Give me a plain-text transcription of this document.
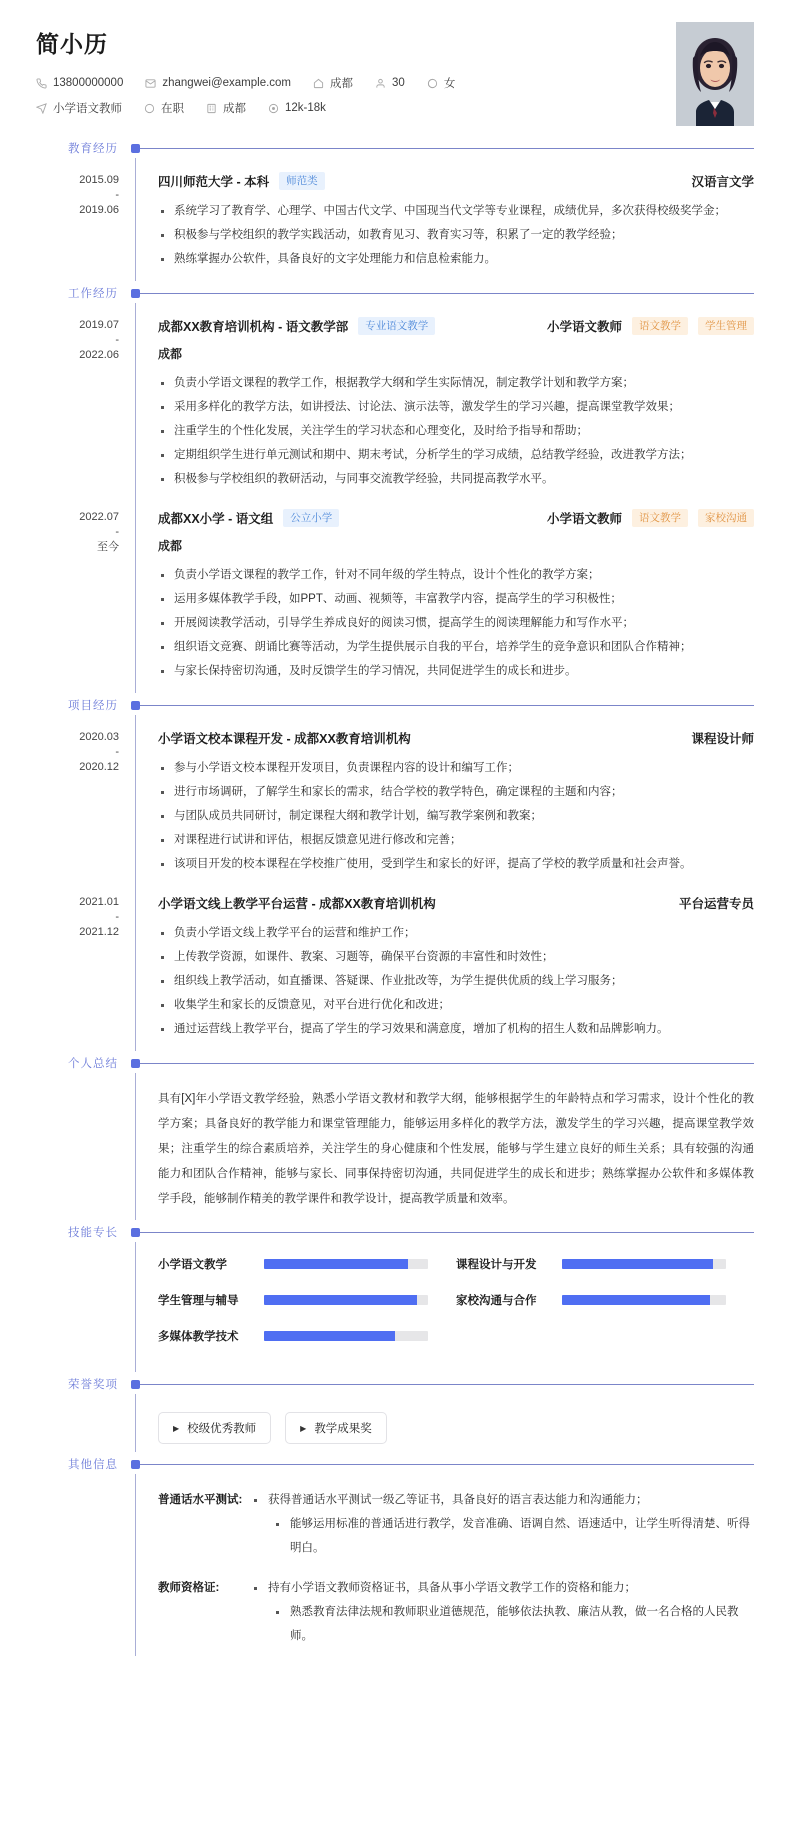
简小历
13800000000	zhangwei@example.com	成都	30	女
小学语文教师	在职	成都	12k-18k
教育经历
2015.09
-
2019.06
四川师范大学 - 本科	师范类	汉语言文学
系统学习了教育学、心理学、中国古代文学、中国现当代文学等专业课程，成绩优异，多次获得校级奖学金；
积极参与学校组织的教学实践活动，如教育见习、教育实习等，积累了一定的教学经验；
熟练掌握办公软件，具备良好的文字处理能力和信息检索能力。
工作经历
2019.07
-
2022.06
成都XX教育培训机构 - 语文教学部	专业语文教学	小学语文教师	语文教学	学生管理
成都
负责小学语文课程的教学工作，根据教学大纲和学生实际情况，制定教学计划和教学方案；
采用多样化的教学方法，如讲授法、讨论法、演示法等，激发学生的学习兴趣，提高课堂教学效果；
注重学生的个性化发展，关注学生的学习状态和心理变化，及时给予指导和帮助；
定期组织学生进行单元测试和期中、期末考试，分析学生的学习成绩，总结教学经验，改进教学方法；
积极参与学校组织的教研活动，与同事交流教学经验，共同提高教学水平。
2022.07
-
至今
成都XX小学 - 语文组	公立小学	小学语文教师	语文教学	家校沟通
成都
负责小学语文课程的教学工作，针对不同年级的学生特点，设计个性化的教学方案；
运用多媒体教学手段，如PPT、动画、视频等，丰富教学内容，提高学生的学习积极性；
开展阅读教学活动，引导学生养成良好的阅读习惯，提高学生的阅读理解能力和写作水平；
组织语文竞赛、朗诵比赛等活动，为学生提供展示自我的平台，培养学生的竞争意识和团队合作精神；
与家长保持密切沟通，及时反馈学生的学习情况，共同促进学生的成长和进步。
项目经历
2020.03
-
2020.12
小学语文校本课程开发 - 成都XX教育培训机构	课程设计师
参与小学语文校本课程开发项目，负责课程内容的设计和编写工作；
进行市场调研，了解学生和家长的需求，结合学校的教学特色，确定课程的主题和内容；
与团队成员共同研讨，制定课程大纲和教学计划，编写教学案例和教案；
对课程进行试讲和评估，根据反馈意见进行修改和完善；
该项目开发的校本课程在学校推广使用，受到学生和家长的好评，提高了学校的教学质量和社会声誉。
2021.01
-
2021.12
小学语文线上教学平台运营 - 成都XX教育培训机构	平台运营专员
负责小学语文线上教学平台的运营和维护工作；
上传教学资源，如课件、教案、习题等，确保平台资源的丰富性和时效性；
组织线上教学活动，如直播课、答疑课、作业批改等，为学生提供优质的线上学习服务；
收集学生和家长的反馈意见，对平台进行优化和改进；
通过运营线上教学平台，提高了学生的学习效果和满意度，增加了机构的招生人数和品牌影响力。
个人总结
具有[X]年小学语文教学经验，熟悉小学语文教材和教学大纲，能够根据学生的年龄特点和学习需求，设计个性化的教学方案；具备良好的教学能力和课堂管理能力，能够运用多样化的教学方法，激发学生的学习兴趣，提高课堂教学效果；注重学生的综合素质培养，关注学生的身心健康和个性发展，能够与学生建立良好的师生关系；具有较强的沟通能力和团队合作精神，能够与家长、同事保持密切沟通，共同促进学生的成长和进步；熟练掌握办公软件和多媒体教学手段，能够制作精美的教学课件和教学设计，提高教学质量和效率。
技能专长
小学语文教学	课程设计与开发
学生管理与辅导	家校沟通与合作
多媒体教学技术
荣誉奖项
▶ 校级优秀教师	▶ 教学成果奖
其他信息
普通话水平测试:	获得普通话水平测试一级乙等证书，具备良好的语言表达能力和沟通能力；
能够运用标准的普通话进行教学，发音准确、语调自然、语速适中，让学生听得清楚、听得明白。
教师资格证:	持有小学语文教师资格证书，具备从事小学语文教学工作的资格和能力；
熟悉教育法律法规和教师职业道德规范，能够依法执教、廉洁从教，做一名合格的人民教师。
